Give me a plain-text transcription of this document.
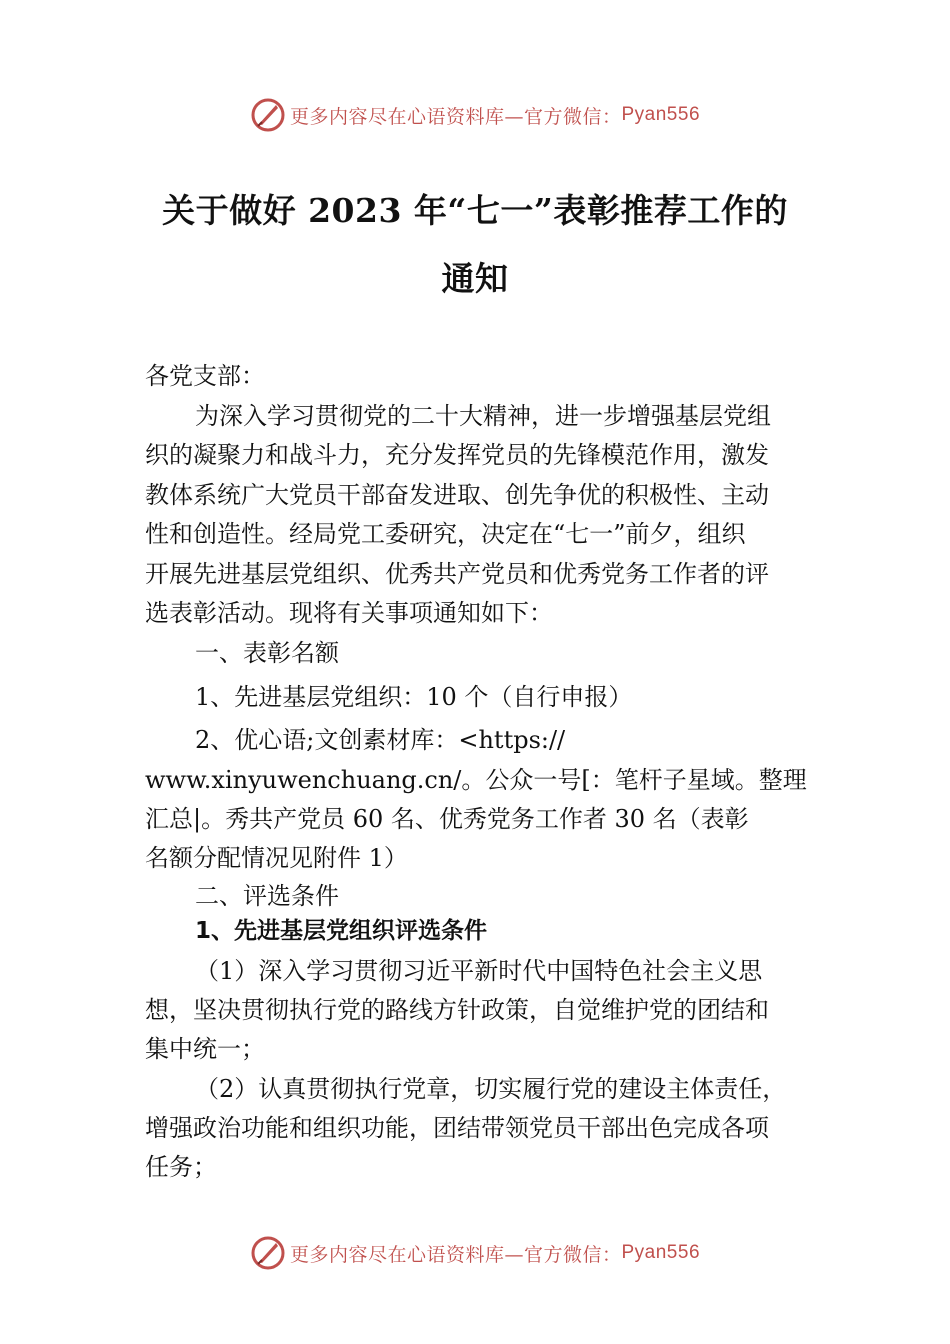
更多内容尽在心语资料库—官方微信： Pyan556
关于做好 2023 年“七一”表彰推荐工作的
通知
各党支部：
为深入学习贯彻党的二十大精神，进一步增强基层党组
织的凝聚力和战斗力，充分发挥党员的先锋模范作用，激发
教体系统广大党员干部奋发进取、创先争优的积极性、主动
性和创造性。经局党工委研究，决定在“七一”前夕，组织
开展先进基层党组织、优秀共产党员和优秀党务工作者的评
选表彰活动。现将有关事项通知如下：
一、表彰名额
1、先进基层党组织：10 个（自行申报）
2、优心语;文创素材库：<https://
www.xinyuwenchuang.cn/。公众一号[：笔杆子星域。整理
汇总|。秀共产党员 60 名、优秀党务工作者 30 名（表彰
名额分配情况见附件 1）
二、评选条件
1、先进基层党组织评选条件
（1）深入学习贯彻习近平新时代中国特色社会主义思
想，坚决贯彻执行党的路线方针政策，自觉维护党的团结和
集中统一；
（2）认真贯彻执行党章，切实履行党的建设主体责任，
增强政治功能和组织功能，团结带领党员干部出色完成各项
任务；
更多内容尽在心语资料库—官方微信： Pyan556
